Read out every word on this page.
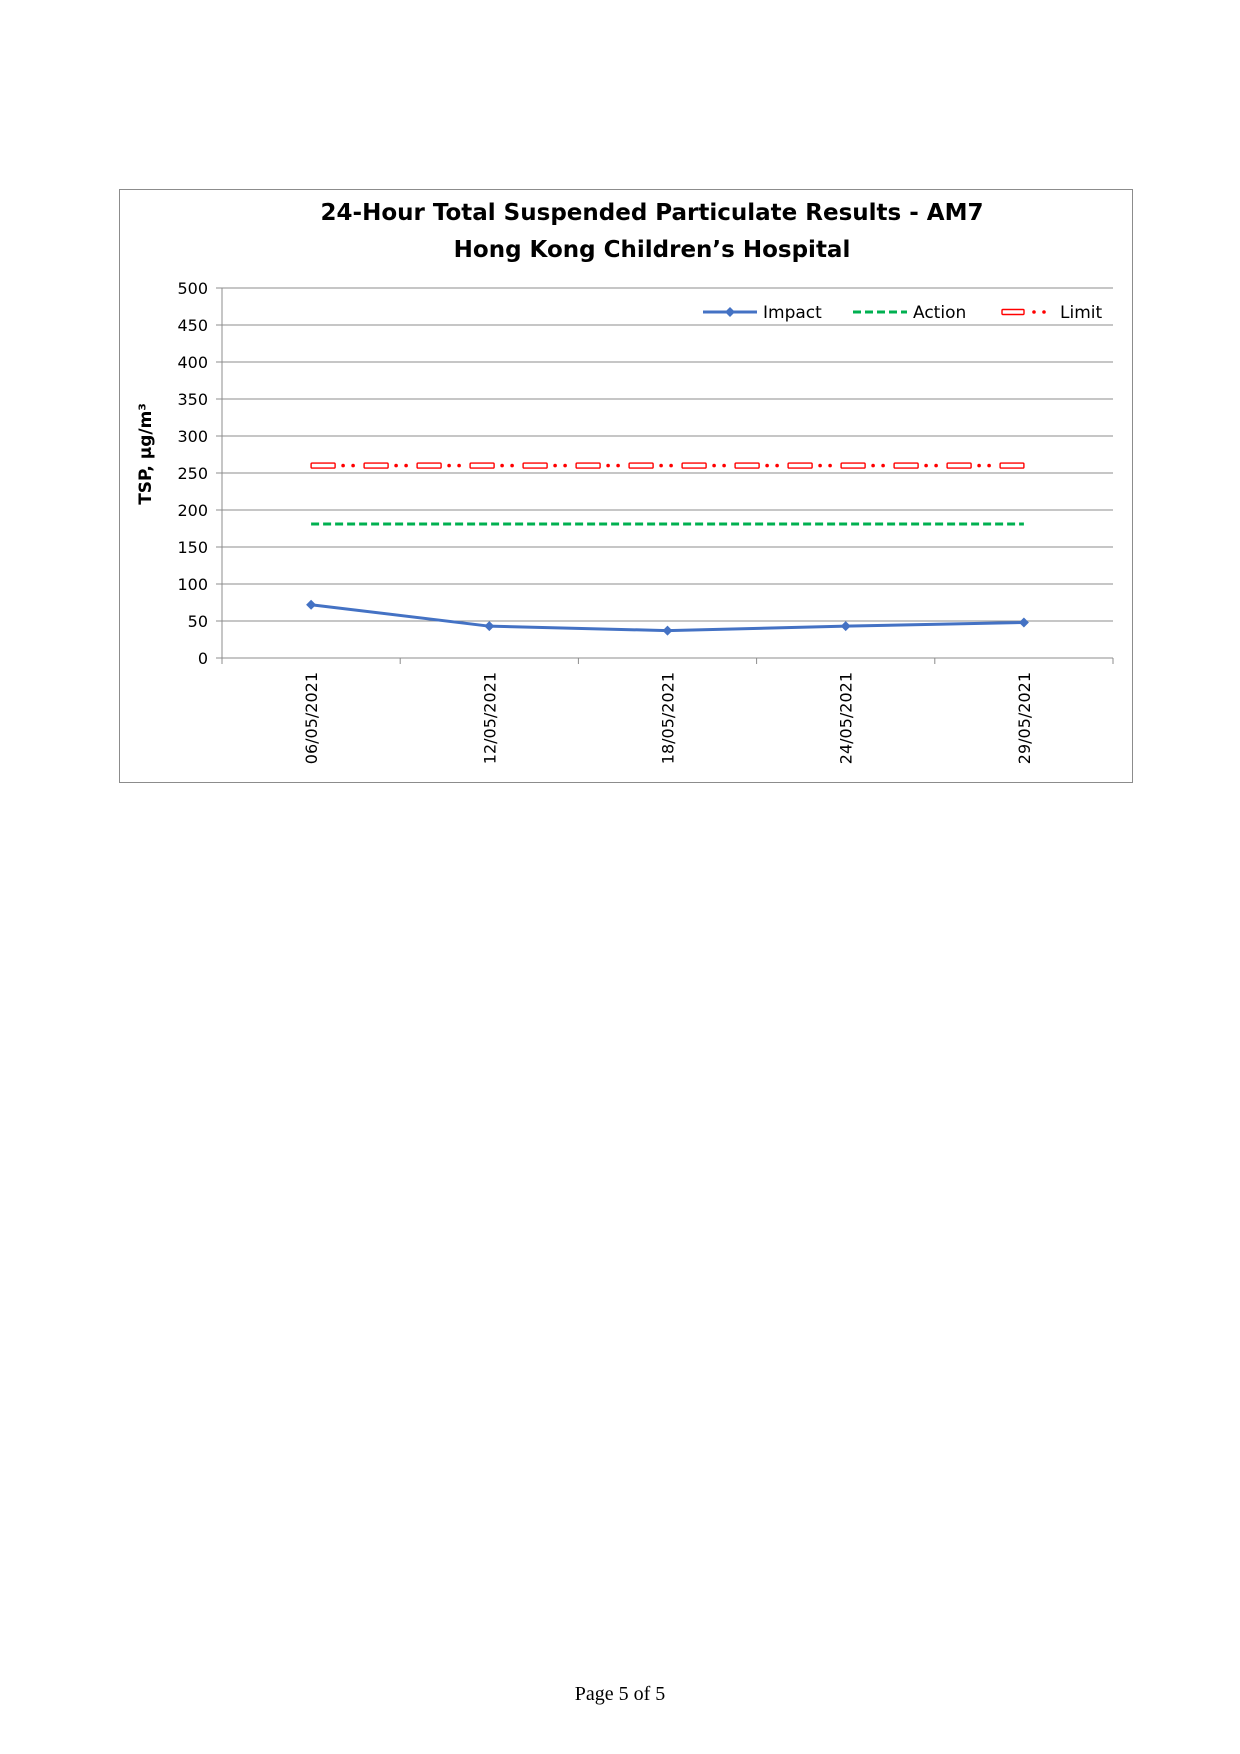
24-Hour Total Suspended Particulate Results - AM7
Hong Kong Children’s Hospital
TSP, µg/m³
0
50
100
150
200
250
300
350
400
450
500
06/05/2021	12/05/2021	18/05/2021	24/05/2021	29/05/2021
Impact	Action	Limit
Page 5 of 5
